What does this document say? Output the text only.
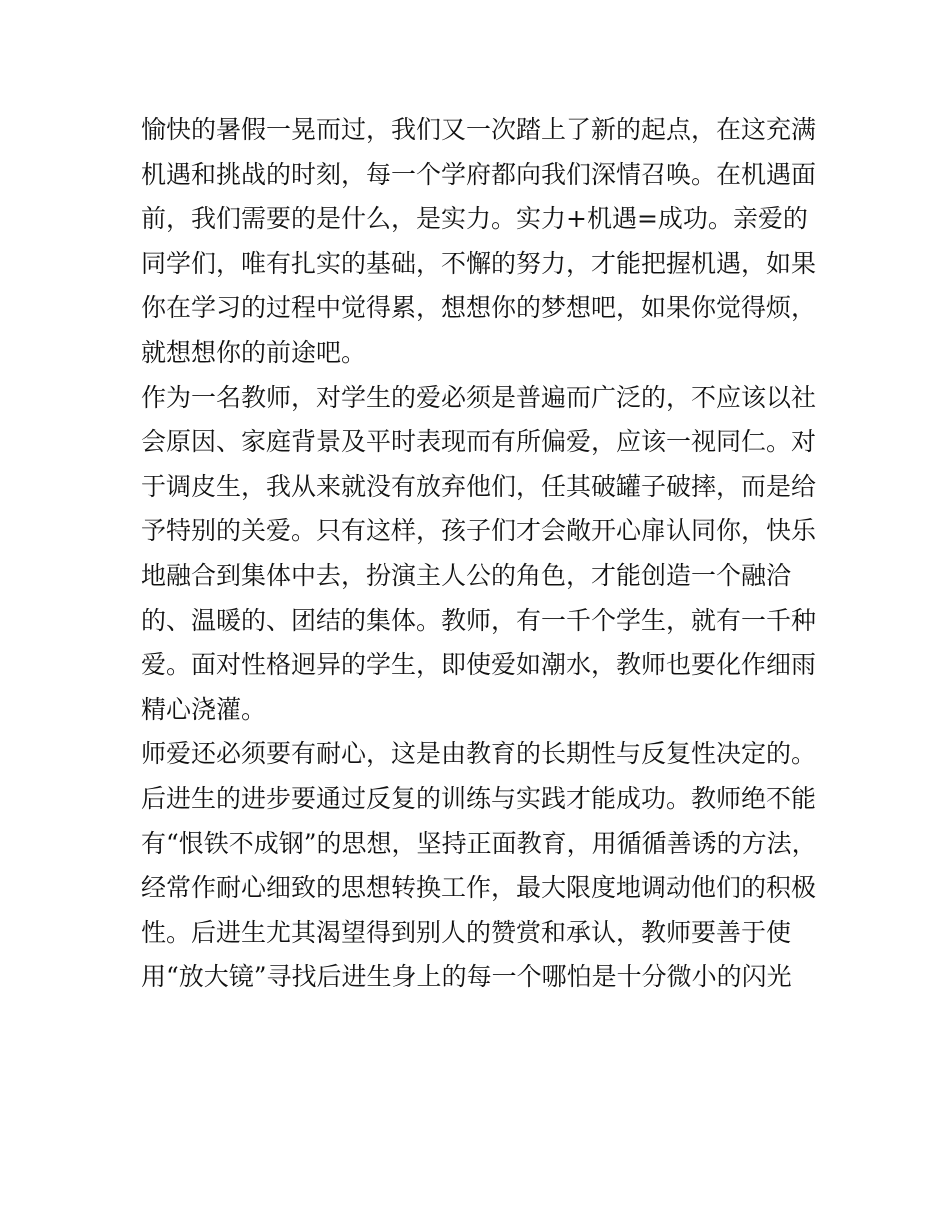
愉快的暑假一晃而过，我们又一次踏上了新的起点，在这充满
机遇和挑战的时刻，每一个学府都向我们深情召唤。在机遇面
前，我们需要的是什么，是实力。实力+机遇=成功。亲爱的
同学们，唯有扎实的基础，不懈的努力，才能把握机遇，如果
你在学习的过程中觉得累，想想你的梦想吧，如果你觉得烦，
就想想你的前途吧。

作为一名教师，对学生的爱必须是普遍而广泛的，不应该以社
会原因、家庭背景及平时表现而有所偏爱，应该一视同仁。对
于调皮生，我从来就没有放弃他们，任其破罐子破摔，而是给
予特别的关爱。只有这样，孩子们才会敞开心扉认同你，快乐
地融合到集体中去，扮演主人公的角色，才能创造一个融洽
的、温暖的、团结的集体。教师，有一千个学生，就有一千种
爱。面对性格迥异的学生，即使爱如潮水，教师也要化作细雨
精心浇灌。

师爱还必须要有耐心，这是由教育的长期性与反复性决定的。
后进生的进步要通过反复的训练与实践才能成功。教师绝不能
有“恨铁不成钢”的思想，坚持正面教育，用循循善诱的方法，
经常作耐心细致的思想转换工作，最大限度地调动他们的积极
性。后进生尤其渴望得到别人的赞赏和承认，教师要善于使
用“放大镜”寻找后进生身上的每一个哪怕是十分微小的闪光
